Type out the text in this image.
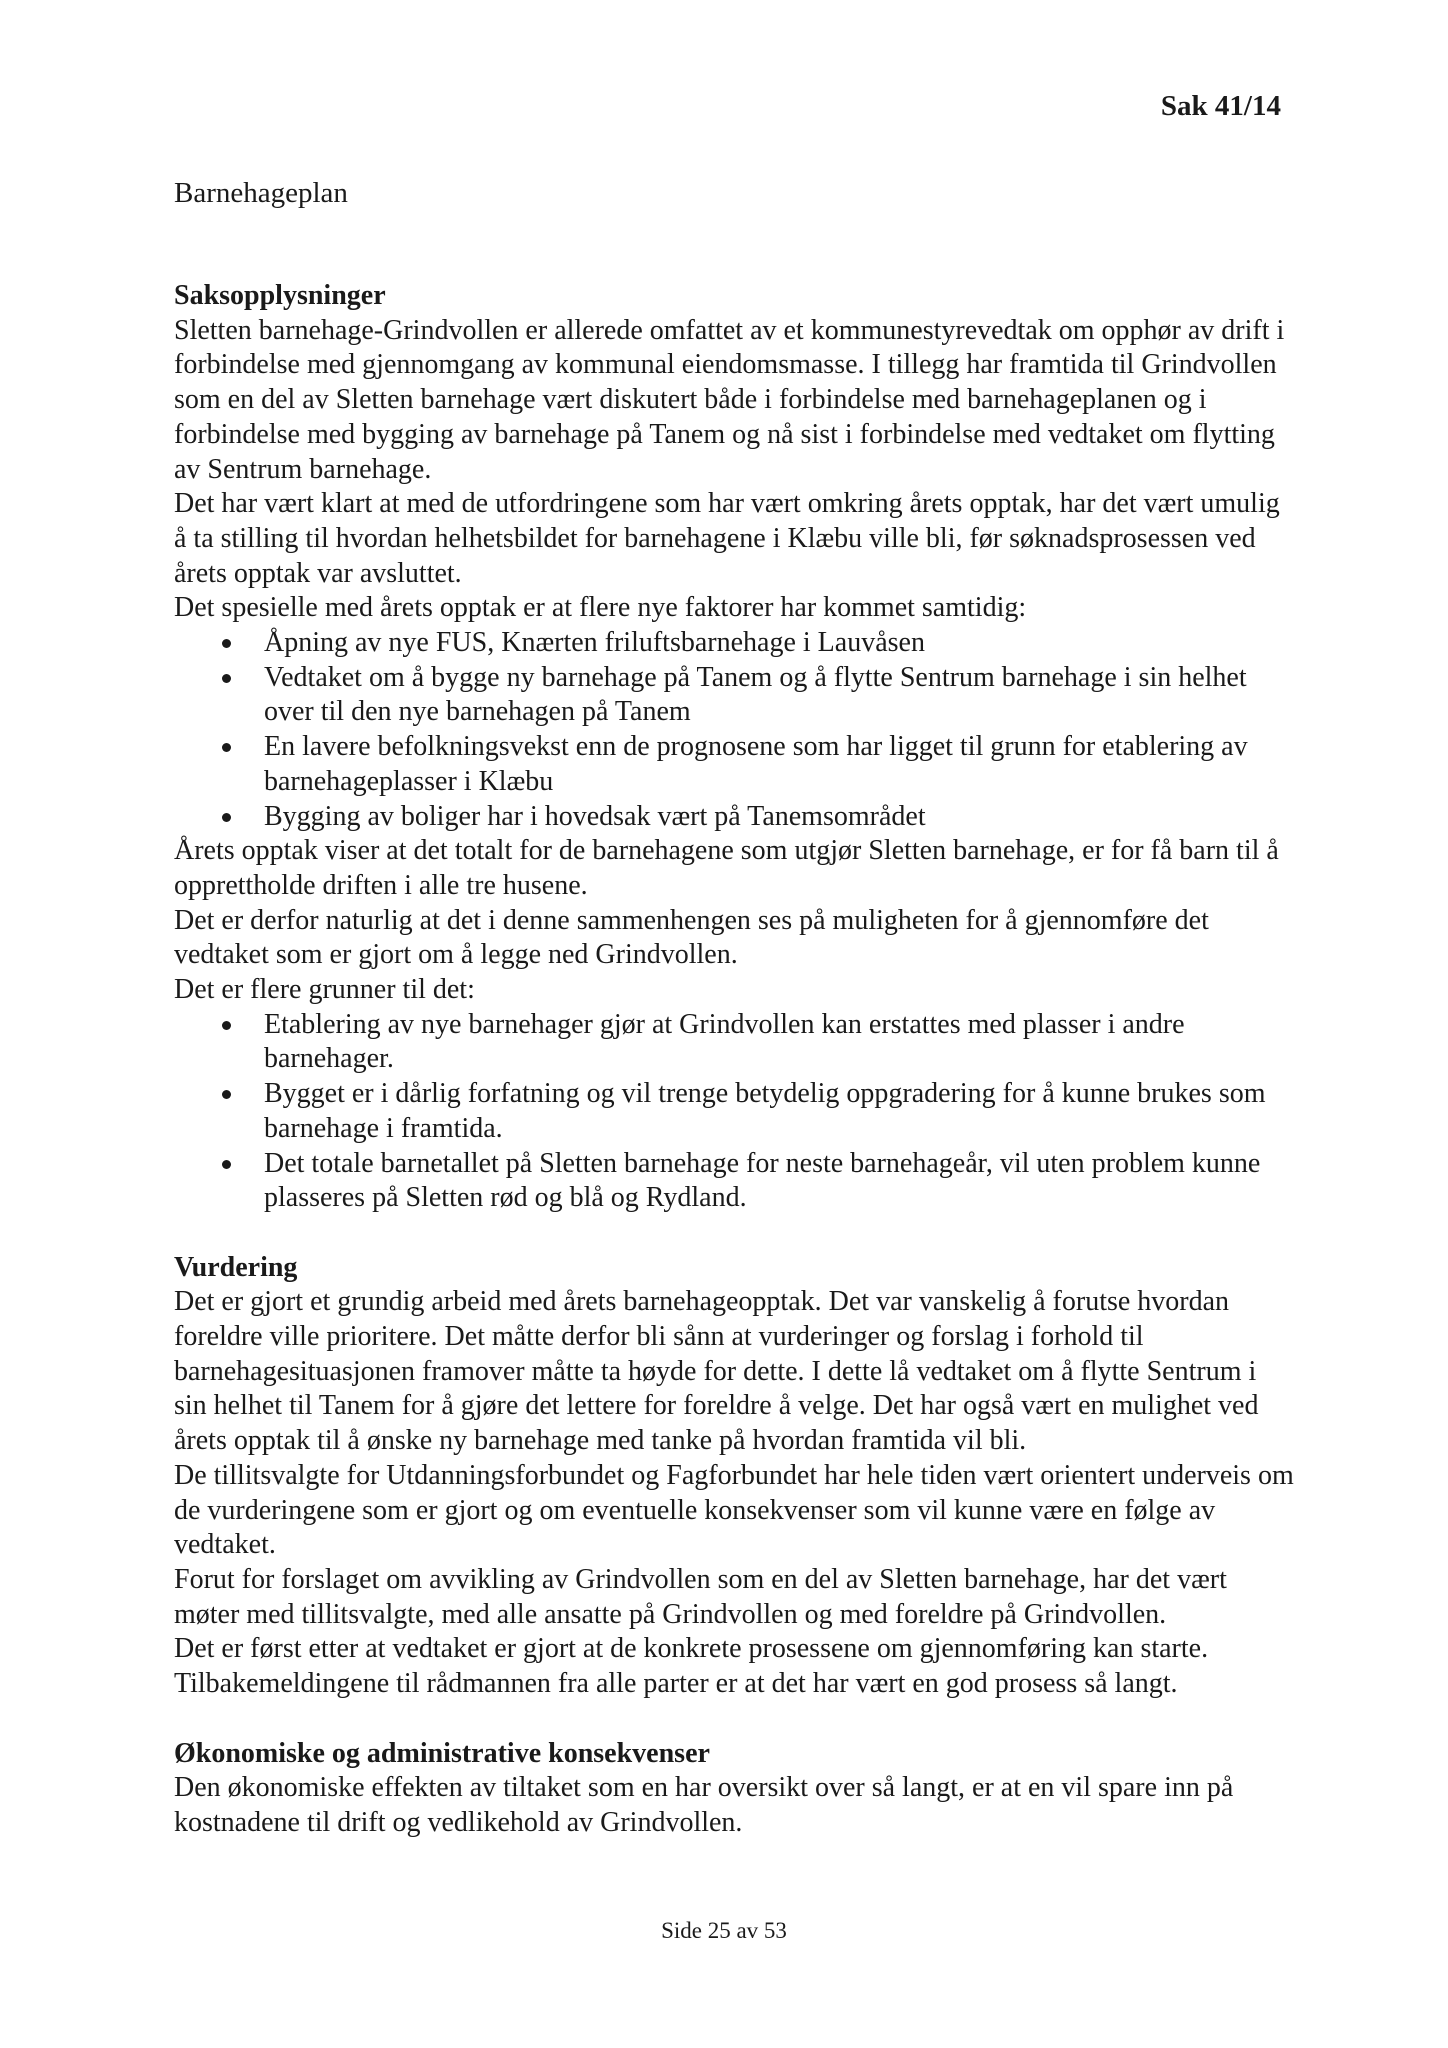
Sak 41/14
Barnehageplan

Saksopplysninger

Sletten barnehage-Grindvollen er allerede omfattet av et kommunestyrevedtak om opphør av drift i forbindelse med gjennomgang av kommunal eiendomsmasse. I tillegg har framtida til Grindvollen som en del av Sletten barnehage vært diskutert både i forbindelse med barnehageplanen og i forbindelse med bygging av barnehage på Tanem og nå sist i forbindelse med vedtaket om flytting av Sentrum barnehage.

Det har vært klart at med de utfordringene som har vært omkring årets opptak, har det vært umulig å ta stilling til hvordan helhetsbildet for barnehagene i Klæbu ville bli, før søknadsprosessen ved årets opptak var avsluttet.

Det spesielle med årets opptak er at flere nye faktorer har kommet samtidig:

Åpning av nye FUS, Knærten friluftsbarnehage i Lauvåsen
Vedtaket om å bygge ny barnehage på Tanem og å flytte Sentrum barnehage i sin helhet over til den nye barnehagen på Tanem
En lavere befolkningsvekst enn de prognosene som har ligget til grunn for etablering av barnehageplasser i Klæbu
Bygging av boliger har i hovedsak vært på Tanemsområdet

Årets opptak viser at det totalt for de barnehagene som utgjør Sletten barnehage, er for få barn til å opprettholde driften i alle tre husene.

Det er derfor naturlig at det i denne sammenhengen ses på muligheten for å gjennomføre det vedtaket som er gjort om å legge ned Grindvollen.

Det er flere grunner til det:

Etablering av nye barnehager gjør at Grindvollen kan erstattes med plasser i andre barnehager.
Bygget er i dårlig forfatning og vil trenge betydelig oppgradering for å kunne brukes som barnehage i framtida.
Det totale barnetallet på Sletten barnehage for neste barnehageår, vil uten problem kunne plasseres på Sletten rød og blå og Rydland.

Vurdering

Det er gjort et grundig arbeid med årets barnehageopptak. Det var vanskelig å forutse hvordan foreldre ville prioritere. Det måtte derfor bli sånn at vurderinger og forslag i forhold til barnehagesituasjonen framover måtte ta høyde for dette. I dette lå vedtaket om å flytte Sentrum i sin helhet til Tanem for å gjøre det lettere for foreldre å velge. Det har også vært en mulighet ved årets opptak til å ønske ny barnehage med tanke på hvordan framtida vil bli.

De tillitsvalgte for Utdanningsforbundet og Fagforbundet har hele tiden vært orientert underveis om de vurderingene som er gjort og om eventuelle konsekvenser som vil kunne være en følge av vedtaket.

Forut for forslaget om avvikling av Grindvollen som en del av Sletten barnehage, har det vært møter med tillitsvalgte, med alle ansatte på Grindvollen og med foreldre på Grindvollen.

Det er først etter at vedtaket er gjort at de konkrete prosessene om gjennomføring kan starte.

Tilbakemeldingene til rådmannen fra alle parter er at det har vært en god prosess så langt.

Økonomiske og administrative konsekvenser

Den økonomiske effekten av tiltaket som en har oversikt over så langt, er at en vil spare inn på kostnadene til drift og vedlikehold av Grindvollen.

Side 25 av 53
